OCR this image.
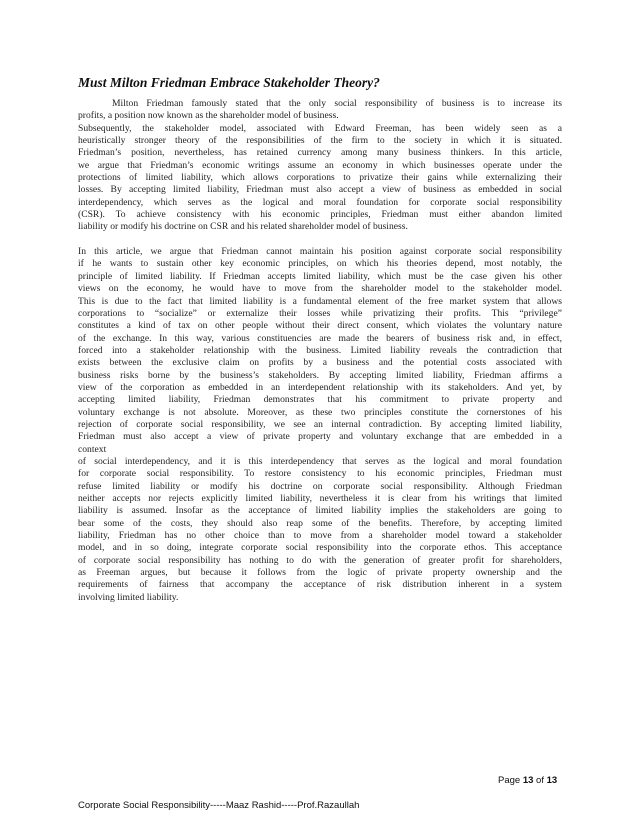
Must Milton Friedman Embrace Stakeholder Theory?
Milton Friedman famously stated that the only social responsibility of business is to increase its
profits, a position now known as the shareholder model of business.
Subsequently, the stakeholder model, associated with Edward Freeman, has been widely seen as a
heuristically stronger theory of the responsibilities of the firm to the society in which it is situated.
Friedman’s position, nevertheless, has retained currency among many business thinkers. In this article,
we argue that Friedman’s economic writings assume an economy in which businesses operate under the
protections of limited liability, which allows corporations to privatize their gains while externalizing their
losses. By accepting limited liability, Friedman must also accept a view of business as embedded in social
interdependency, which serves as the logical and moral foundation for corporate social responsibility
(CSR). To achieve consistency with his economic principles, Friedman must either abandon limited
liability or modify his doctrine on CSR and his related shareholder model of business.
In this article, we argue that Friedman cannot maintain his position against corporate social responsibility
if he wants to sustain other key economic principles, on which his theories depend, most notably, the
principle of limited liability. If Friedman accepts limited liability, which must be the case given his other
views on the economy, he would have to move from the shareholder model to the stakeholder model.
This is due to the fact that limited liability is a fundamental element of the free market system that allows
corporations to “socialize” or externalize their losses while privatizing their profits. This “privilege”
constitutes a kind of tax on other people without their direct consent, which violates the voluntary nature
of the exchange. In this way, various constituencies are made the bearers of business risk and, in effect,
forced into a stakeholder relationship with the business. Limited liability reveals the contradiction that
exists between the exclusive claim on profits by a business and the potential costs associated with
business risks borne by the business’s stakeholders. By accepting limited liability, Friedman affirms a
view of the corporation as embedded in an interdependent relationship with its stakeholders. And yet, by
accepting limited liability, Friedman demonstrates that his commitment to private property and
voluntary exchange is not absolute. Moreover, as these two principles constitute the cornerstones of his
rejection of corporate social responsibility, we see an internal contradiction. By accepting limited liability,
Friedman must also accept a view of private property and voluntary exchange that are embedded in a
context
of social interdependency, and it is this interdependency that serves as the logical and moral foundation
for corporate social responsibility. To restore consistency to his economic principles, Friedman must
refuse limited liability or modify his doctrine on corporate social responsibility. Although Friedman
neither accepts nor rejects explicitly limited liability, nevertheless it is clear from his writings that limited
liability is assumed. Insofar as the acceptance of limited liability implies the stakeholders are going to
bear some of the costs, they should also reap some of the benefits. Therefore, by accepting limited
liability, Friedman has no other choice than to move from a shareholder model toward a stakeholder
model, and in so doing, integrate corporate social responsibility into the corporate ethos. This acceptance
of corporate social responsibility has nothing to do with the generation of greater profit for shareholders,
as Freeman argues, but because it follows from the logic of private property ownership and the
requirements of fairness that accompany the acceptance of risk distribution inherent in a system
involving limited liability.
Page 13 of 13
Corporate Social Responsibility-----Maaz Rashid-----Prof.Razaullah
